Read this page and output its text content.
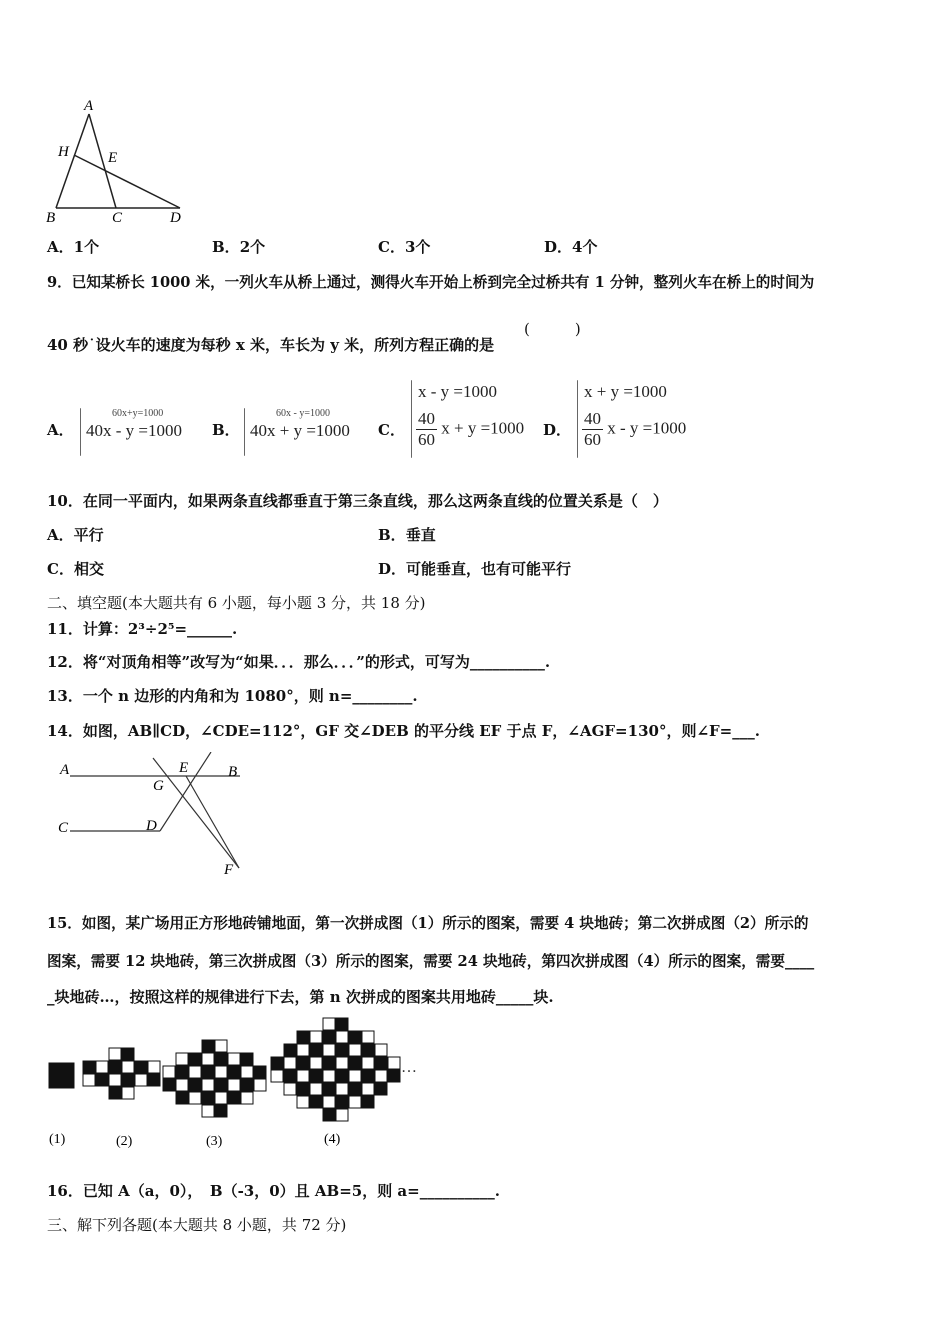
A
H	E
B	C	D
A．1个	B．2个	C．3个	D．4个
9．已知某桥长 1000 米，一列火车从桥上通过，测得火车开始上桥到完全过桥共有 1 分钟，整列火车在桥上的时间为
40 秒˙设火车的速度为每秒 x 米，车长为 y 米，所列方程正确的是
(　　　)
A．
60x+y=1000
40x - y =1000 B．
60x - y=1000
40x + y =1000 C．
x - y =1000
$\frac{40}{60}$ x + y =1000 D．
x + y =1000
$\frac{40}{60}$ x - y =1000
10．在同一平面内，如果两条直线都垂直于第三条直线，那么这两条直线的位置关系是（　）
A．平行	B．垂直
C．相交	D．可能垂直，也有可能平行
二、填空题(本大题共有 6 小题，每小题 3 分，共 18 分)
11．计算：2³÷2⁵=______.
12．将“对顶角相等”改写为“如果．．．那么．．．”的形式，可写为__________.
13．一个 n 边形的内角和为 1080°，则 n=________.
14．如图，AB∥CD，∠CDE=112°，GF 交∠DEB 的平分线 EF 于点 F，∠AGF=130°，则∠F=___.
A	E	B
G
C	D
F
15．如图，某广场用正方形地砖铺地面，第一次拼成图（1）所示的图案，需要 4 块地砖；第二次拼成图（2）所示的
图案，需要 12 块地砖，第三次拼成图（3）所示的图案，需要 24 块地砖，第四次拼成图（4）所示的图案，需要____
_块地砖…，按照这样的规律进行下去，第 n 次拼成的图案共用地砖_____块.
…
(1)	(2)	(3)	(4)
16．已知 A（a，0），　B（-3，0）且 AB=5，则 a=__________.
三、解下列各题(本大题共 8 小题，共 72 分)
